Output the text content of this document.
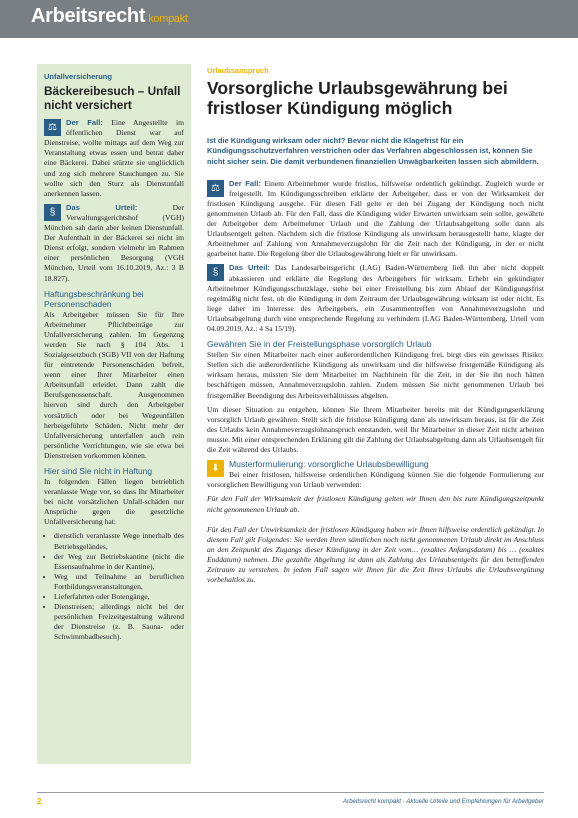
Arbeitsrecht kompakt
Unfallversicherung
Bäckereibesuch – Unfall nicht versichert

⚖	Der Fall: Eine Angestellte im öffentlichen Dienst war auf Dienstreise, wollte mittags auf dem Weg zur Veranstaltung etwas essen und betrat daher eine Bäckerei. Dabei stürzte sie unglücklich und zog sich mehrere Stauchungen zu. Sie wollte sich den Sturz als Dienstunfall anerkennen lassen.

§	Das Urteil:	Der Verwaltungsgerichtshof (VGH) München sah darin aber keinen Dienstunfall. Der Aufenthalt in der Bäckerei sei nicht im Dienst erfolgt, sondern vielmehr im Rahmen einer persönlichen Besorgung (VGH München, Urteil vom 16.10.2019, Az.: 3 B 18.827).

Haftungsbeschränkung bei Personenschaden

Als Arbeitgeber müssen Sie für Ihre Arbeitnehmer Pflichtbeiträge zur Unfallversicherung zahlen. Im Gegenzug werden Sie nach § 104 Abs. 1 Sozialgesetzbuch (SGB) VII von der Haftung für eintretende Personenschäden befreit, wenn einer Ihrer Mitarbeiter einen Arbeitsunfall erleidet. Dann zahlt die Berufsgenossenschaft. Ausgenommen hiervon sind durch den Arbeitgeber vorsätzlich oder bei Wegeunfällen herbeigeführte Schäden. Nicht mehr der Unfallversicherung unterfallen auch rein persönliche Verrichtungen, wie sie etwa bei Dienstreisen vorkommen können.

Hier sind Sie nicht in Haftung

In folgenden Fällen liegen betrieblich veranlasste Wege vor, so dass Ihr Mitarbeiter bei nicht vorsätzlichen Unfall-schäden nur Ansprüche gegen die gesetzliche Unfallversicherung hat:

• dienstlich veranlasste Wege innerhalb des Betriebsgeländes,
• der Weg zur Betriebskantine (nicht die Essensaufnahme in der Kantine),
• Weg und Teilnahme an beruflichen Fortbildungsveranstaltungen,
• Lieferfahrten oder Botengänge,
• Dienstreisen; allerdings nicht bei der persönlichen Freizeitgestaltung während der Dienstreise (z. B. Sauna- oder Schwimmbadbesuch).
Urlaubsanspruch
Vorsorgliche Urlaubsgewährung bei fristloser Kündigung möglich

Ist die Kündigung wirksam oder nicht? Bevor nicht die Klagefrist für ein Kündigungsschutzverfahren verstrichen oder das Verfahren abgeschlossen ist, können Sie nicht sicher sein. Die damit verbundenen finanziellen Unwägbarkeiten lassen sich abmildern.

⚖	Der Fall: Einem Arbeitnehmer wurde fristlos, hilfsweise ordentlich gekündigt. Zugleich wurde er freigestellt. Im Kündigungsschreiben erklärte der Arbeitgeber, dass er von der Wirksamkeit der fristlosen Kündigung ausgehe. Für diesen Fall gelte er den bei Zugang der Kündigung noch nicht genommenen Urlaub ab. Für den Fall, dass die Kündigung wider Erwarten unwirksam sein sollte, gewährte der Arbeitgeber dem Arbeitnehmer Urlaub und die Zahlung der Urlaubsabgeltung solle dann als Urlaubsentgelt gelten. Nachdem sich die fristlose Kündigung als unwirksam herausgestellt hatte, klagte der Arbeitnehmer auf Zahlung von Annahmeverzugslohn für die Zeit nach der Kündigung, in der er nicht gearbeitet hatte. Die Regelung über die Urlaubsgewährung hielt er für unwirksam.

§	Das Urteil: Das Landesarbeitsgericht (LAG) Baden-Württemberg ließ ihn aber nicht doppelt abkassieren und erklärte die Regelung des Arbeitgebers für wirksam. Erhebt ein gekündigter Arbeitnehmer Kündigungsschutzklage, stehe bei einer Freistellung bis zum Ablauf der Kündigungsfrist regelmäßig nicht fest, ob die Kündigung in dem Zeitraum der Urlaubsgewährung wirksam ist oder nicht. Es liege daher im Interesse des Arbeitgebers, ein Zusammentreffen von Annahmeverzugslohn und Urlaubsabgeltung durch eine entsprechende Regelung zu verhindern (LAG Baden-Württemberg, Urteil vom 04.09.2019, Az.: 4 Sa 15/19).

Gewähren Sie in der Freistellungsphase vorsorglich Urlaub

Stellen Sie einen Mitarbeiter nach einer außerordentlichen Kündigung frei, birgt dies ein gewisses Risiko: Stellen sich die außerordentliche Kündigung als unwirksam und die hilfsweise fristgemäße Kündigung als wirksam heraus, müssten Sie dem Mitarbeiter im Nachhinein für die Zeit, in der Sie ihn noch hätten beschäftigen müssen, Annahmeverzugslohn zahlen. Zudem müssen Sie nicht genommenen Urlaub bei fristgemäßer Beendigung des Arbeitsverhältnisses abgelten.

Um dieser Situation zu entgehen, können Sie Ihrem Mitarbeiter bereits mit der Kündigungserklärung vorsorglich Urlaub gewähren. Stellt sich die fristlose Kündigung dann als unwirksam heraus, ist für die Zeit des Urlaubs kein Annahmeverzugslohnanspruch entstanden, weil Ihr Mitarbeiter in dieser Zeit nicht arbeiten musste. Mit einer entsprechenden Erklärung gilt die Zahlung der Urlaubsabgeltung dann als Urlaubsentgelt für die Zeit während des Urlaubs.

⬇	Musterformulierung: vorsorgliche Urlaubsbewilligung

Bei einer fristlosen, hilfsweise ordentlichen Kündigung können Sie die folgende Formulierung zur vorsorglichen Bewilligung von Urlaub verwenden:

Für den Fall der Wirksamkeit der fristlosen Kündigung gelten wir Ihnen den bis zum Kündigungszeitpunkt nicht genommenen Urlaub ab.

Für den Fall der Unwirksamkeit der fristlosen Kündigung haben wir Ihnen hilfsweise ordentlich gekündigt. In diesem Fall gilt Folgendes: Sie werden Ihren sämtlichen noch nicht genommenen Urlaub direkt im Anschluss an den Zeitpunkt des Zugangs dieser Kündigung in der Zeit vom… (exaktes Anfangsdatum) bis … (exaktes Enddatum) nehmen. Die gezahlte Abgeltung ist dann als Zahlung des Urlaubsentgelts für den betreffenden Zeitraum zu verstehen. In jedem Fall sagen wir Ihnen für die Zeit Ihres Urlaubs die Urlaubsvergütung vorbehaltlos zu.

2	Arbeitsrecht kompakt · Aktuelle Urteile und Empfehlungen für Arbeitgeber
